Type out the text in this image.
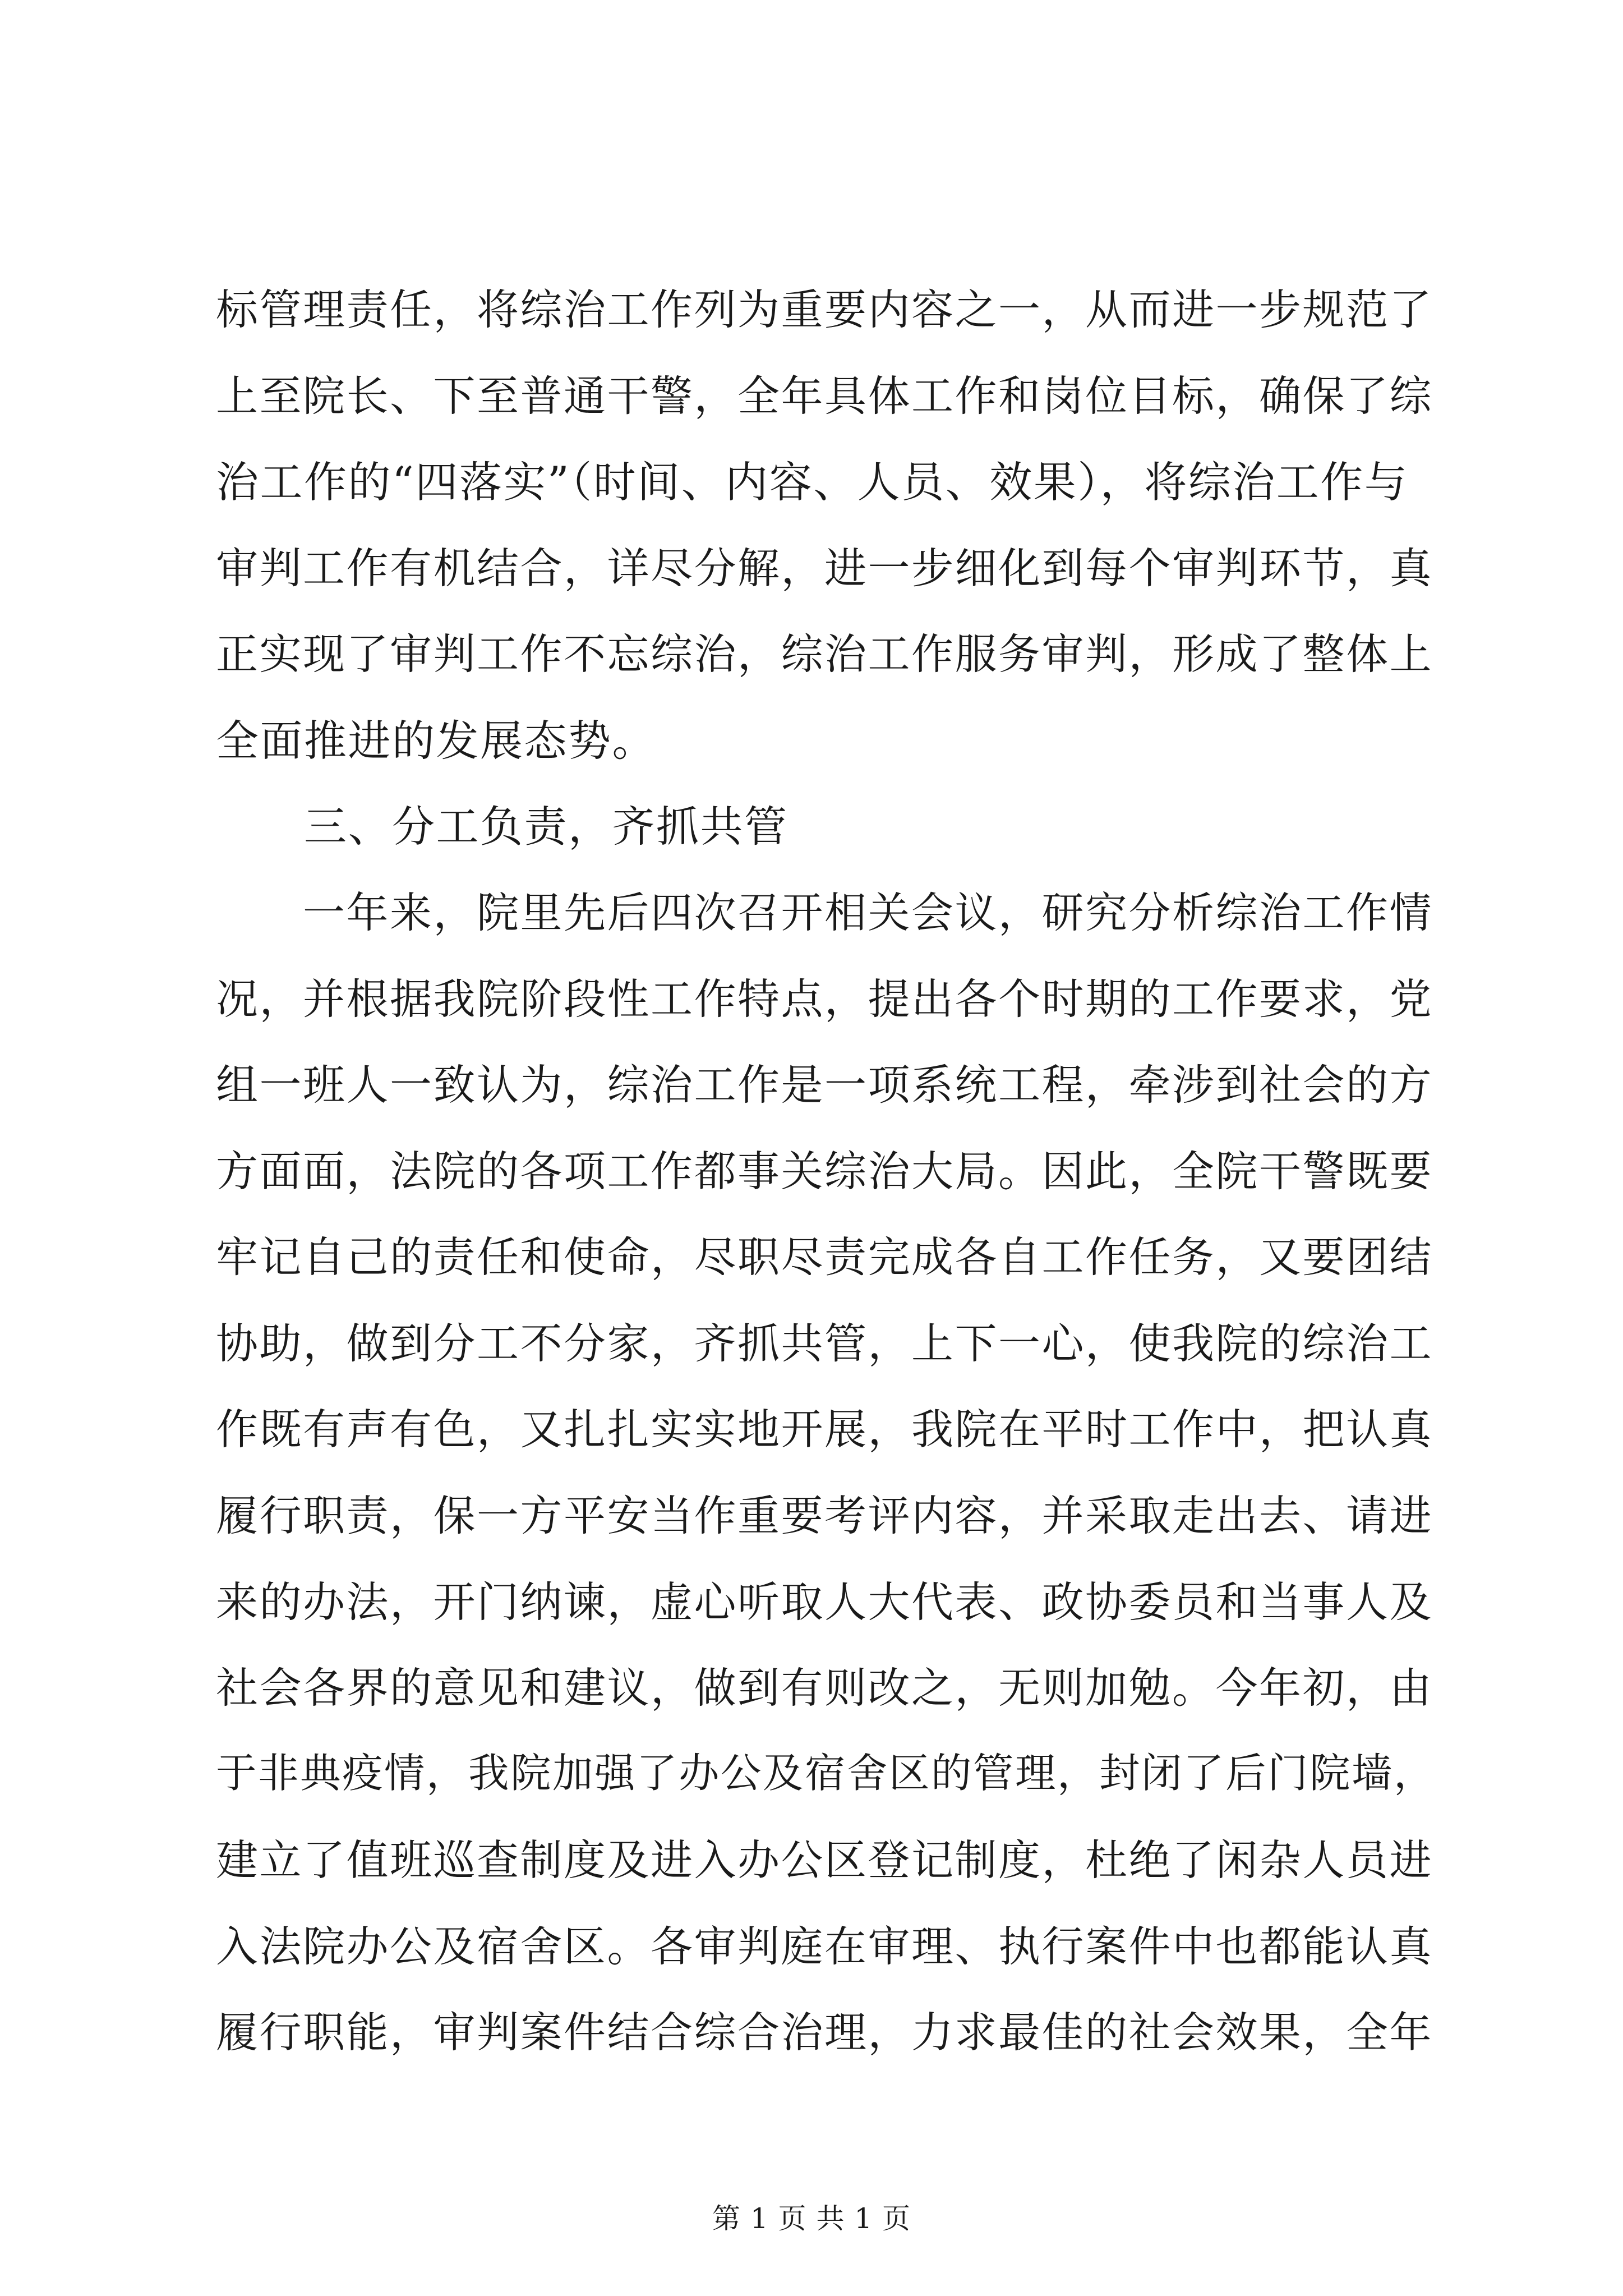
标管理责任，将综治工作列为重要内容之一，从而进一步规范了
上至院长、下至普通干警，全年具体工作和岗位目标，确保了综
治工作的“四落实”（时间、内容、人员、效果），将综治工作与
审判工作有机结合，详尽分解，进一步细化到每个审判环节，真
正实现了审判工作不忘综治，综治工作服务审判，形成了整体上
全面推进的发展态势。
　　三、分工负责，齐抓共管
　　一年来，院里先后四次召开相关会议，研究分析综治工作情
况，并根据我院阶段性工作特点，提出各个时期的工作要求，党
组一班人一致认为，综治工作是一项系统工程，牵涉到社会的方
方面面，法院的各项工作都事关综治大局。因此，全院干警既要
牢记自己的责任和使命，尽职尽责完成各自工作任务，又要团结
协助，做到分工不分家，齐抓共管，上下一心，使我院的综治工
作既有声有色，又扎扎实实地开展，我院在平时工作中，把认真
履行职责，保一方平安当作重要考评内容，并采取走出去、请进
来的办法，开门纳谏，虚心听取人大代表、政协委员和当事人及
社会各界的意见和建议，做到有则改之，无则加勉。今年初，由
于非典疫情，我院加强了办公及宿舍区的管理，封闭了后门院墙，
建立了值班巡查制度及进入办公区登记制度，杜绝了闲杂人员进
入法院办公及宿舍区。各审判庭在审理、执行案件中也都能认真
履行职能，审判案件结合综合治理，力求最佳的社会效果，全年
第 1 页 共 1 页
